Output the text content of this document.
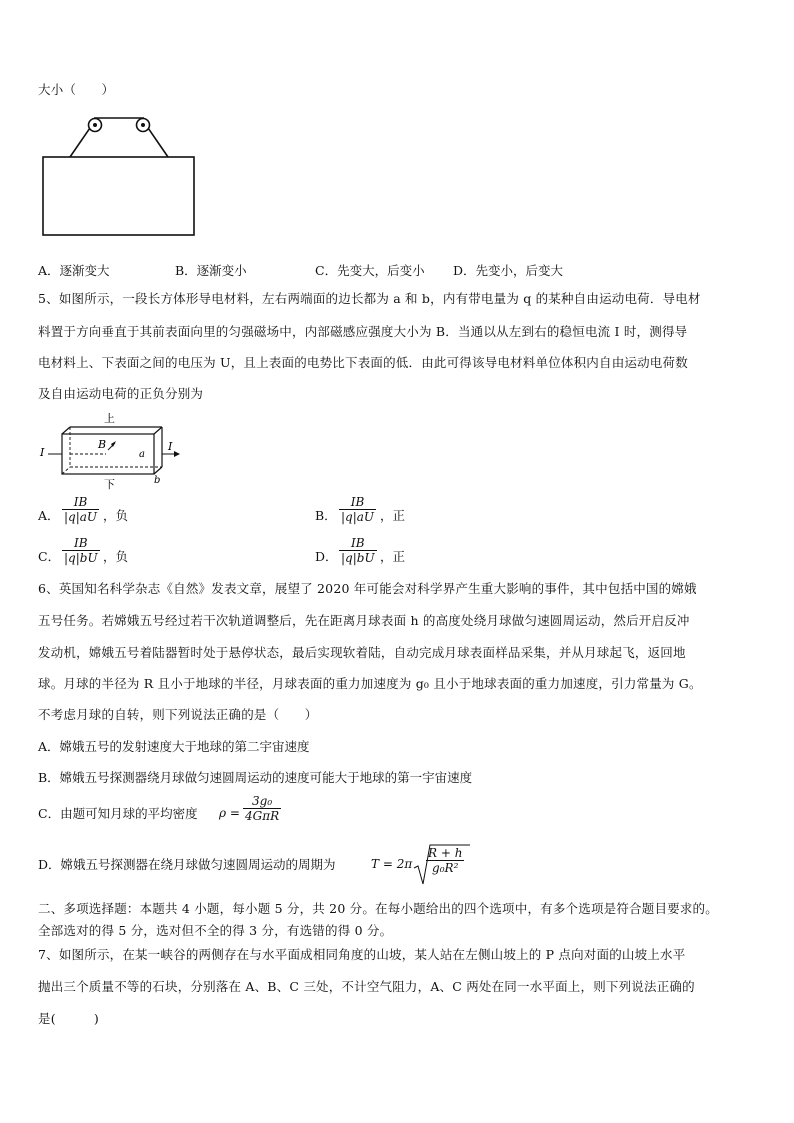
大小（　　）
A．逐渐变大	B．逐渐变小	C．先变大，后变小 D．先变小，后变大
5、如图所示，一段长方体形导电材料，左右两端面的边长都为 a 和 b，内有带电量为 q 的某种自由运动电荷．导电材
料置于方向垂直于其前表面向里的匀强磁场中，内部磁感应强度大小为 B．当通以从左到右的稳恒电流 I 时，测得导
电材料上、下表面之间的电压为 U，且上表面的电势比下表面的低．由此可得该导电材料单位体积内自由运动电荷数
及自由运动电荷的正负分别为
上
I	I
B
a
b
下
A． $\frac{IB}{|q|aU}$ ，负	B． $\frac{IB}{|q|aU}$ ，正
C． $\frac{IB}{|q|bU}$ ，负	D． $\frac{IB}{|q|bU}$ ，正
6、英国知名科学杂志《自然》发表文章，展望了 2020 年可能会对科学界产生重大影响的事件，其中包括中国的嫦娥
五号任务。若嫦娥五号经过若干次轨道调整后，先在距离月球表面 h 的高度处绕月球做匀速圆周运动，然后开启反冲
发动机，嫦娥五号着陆器暂时处于悬停状态，最后实现软着陆，自动完成月球表面样品采集，并从月球起飞，返回地
球。月球的半径为 R 且小于地球的半径，月球表面的重力加速度为 g₀ 且小于地球表面的重力加速度，引力常量为 G。
不考虑月球的自转，则下列说法正确的是（　　）
A．嫦娥五号的发射速度大于地球的第二宇宙速度
B．嫦娥五号探测器绕月球做匀速圆周运动的速度可能大于地球的第一宇宙速度
C．由题可知月球的平均密度 ρ =
3g₀
4GπR
D．嫦娥五号探测器在绕月球做匀速圆周运动的周期为	$T = 2\pi \frac{R + h}{\text{g₀R²}}$
二、多项选择题：本题共 4 小题，每小题 5 分，共 20 分。在每小题给出的四个选项中，有多个选项是符合题目要求的。
全部选对的得 5 分，选对但不全的得 3 分，有选错的得 0 分。
7、如图所示，在某一峡谷的两侧存在与水平面成相同角度的山坡，某人站在左侧山坡上的 P 点向对面的山坡上水平
抛出三个质量不等的石块，分别落在 A、B、C 三处，不计空气阻力，A、C 两处在同一水平面上，则下列说法正确的
是(　　　)
